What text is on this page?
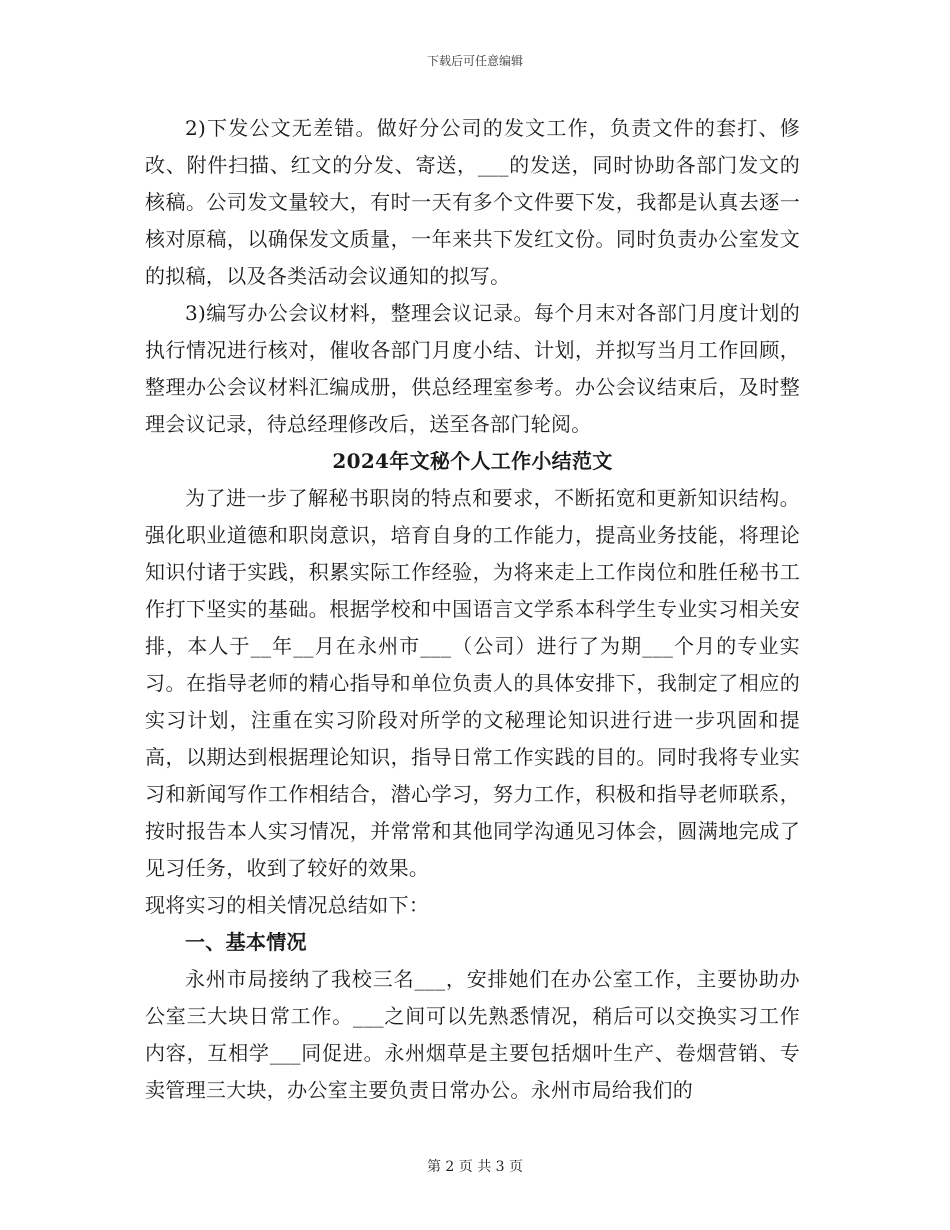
下载后可任意编辑

2)下发公文无差错。做好分公司的发文工作，负责文件的套打、修改、附件扫描、红文的分发、寄送，___的发送，同时协助各部门发文的核稿。公司发文量较大，有时一天有多个文件要下发，我都是认真去逐一核对原稿，以确保发文质量，一年来共下发红文份。同时负责办公室发文的拟稿，以及各类活动会议通知的拟写。

3)编写办公会议材料，整理会议记录。每个月末对各部门月度计划的执行情况进行核对，催收各部门月度小结、计划，并拟写当月工作回顾，整理办公会议材料汇编成册，供总经理室参考。办公会议结束后，及时整理会议记录，待总经理修改后，送至各部门轮阅。

2024年文秘个人工作小结范文

为了进一步了解秘书职岗的特点和要求，不断拓宽和更新知识结构。强化职业道德和职岗意识，培育自身的工作能力，提高业务技能，将理论知识付诸于实践，积累实际工作经验，为将来走上工作岗位和胜任秘书工作打下坚实的基础。根据学校和中国语言文学系本科学生专业实习相关安排，本人于__年__月在永州市___（公司）进行了为期___个月的专业实习。在指导老师的精心指导和单位负责人的具体安排下，我制定了相应的实习计划，注重在实习阶段对所学的文秘理论知识进行进一步巩固和提高，以期达到根据理论知识，指导日常工作实践的目的。同时我将专业实习和新闻写作工作相结合，潜心学习，努力工作，积极和指导老师联系，按时报告本人实习情况，并常常和其他同学沟通见习体会，圆满地完成了见习任务，收到了较好的效果。

现将实习的相关情况总结如下：

一、基本情况

永州市局接纳了我校三名___，安排她们在办公室工作，主要协助办公室三大块日常工作。___之间可以先熟悉情况，稍后可以交换实习工作内容，互相学___同促进。永州烟草是主要包括烟叶生产、卷烟营销、专卖管理三大块，办公室主要负责日常办公。永州市局给我们的

第 2 页 共 3 页
